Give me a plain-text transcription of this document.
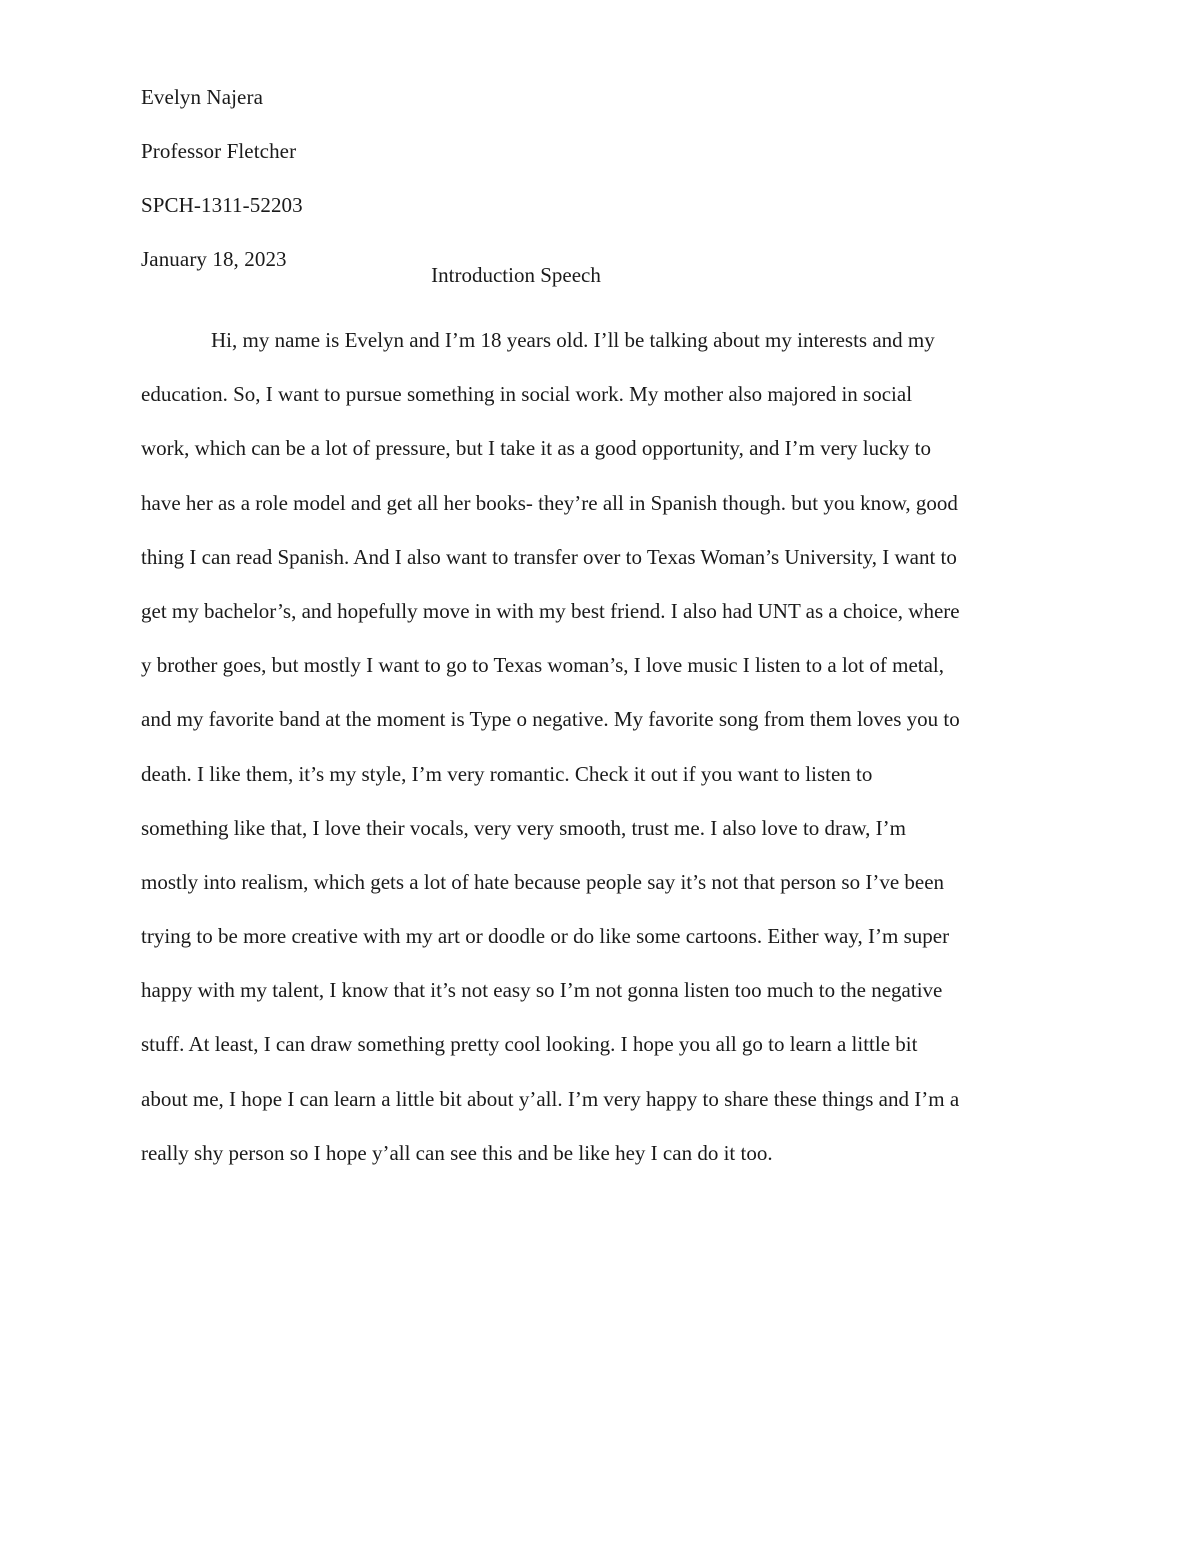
Evelyn Najera
Professor Fletcher
SPCH-1311-52203
January 18, 2023
Introduction Speech
Hi, my name is Evelyn and I’m 18 years old. I’ll be talking about my interests and my
education. So, I want to pursue something in social work. My mother also majored in social
work, which can be a lot of pressure, but I take it as a good opportunity, and I’m very lucky to
have her as a role model and get all her books- they’re all in Spanish though. but you know, good
thing I can read Spanish. And I also want to transfer over to Texas Woman’s University, I want to
get my bachelor’s, and hopefully move in with my best friend. I also had UNT as a choice, where
y brother goes, but mostly I want to go to Texas woman’s, I love music I listen to a lot of metal,
and my favorite band at the moment is Type o negative. My favorite song from them loves you to
death. I like them, it’s my style, I’m very romantic. Check it out if you want to listen to
something like that, I love their vocals, very very smooth, trust me. I also love to draw, I’m
mostly into realism, which gets a lot of hate because people say it’s not that person so I’ve been
trying to be more creative with my art or doodle or do like some cartoons. Either way, I’m super
happy with my talent, I know that it’s not easy so I’m not gonna listen too much to the negative
stuff. At least, I can draw something pretty cool looking. I hope you all go to learn a little bit
about me, I hope I can learn a little bit about y’all. I’m very happy to share these things and I’m a
really shy person so I hope y’all can see this and be like hey I can do it too.
